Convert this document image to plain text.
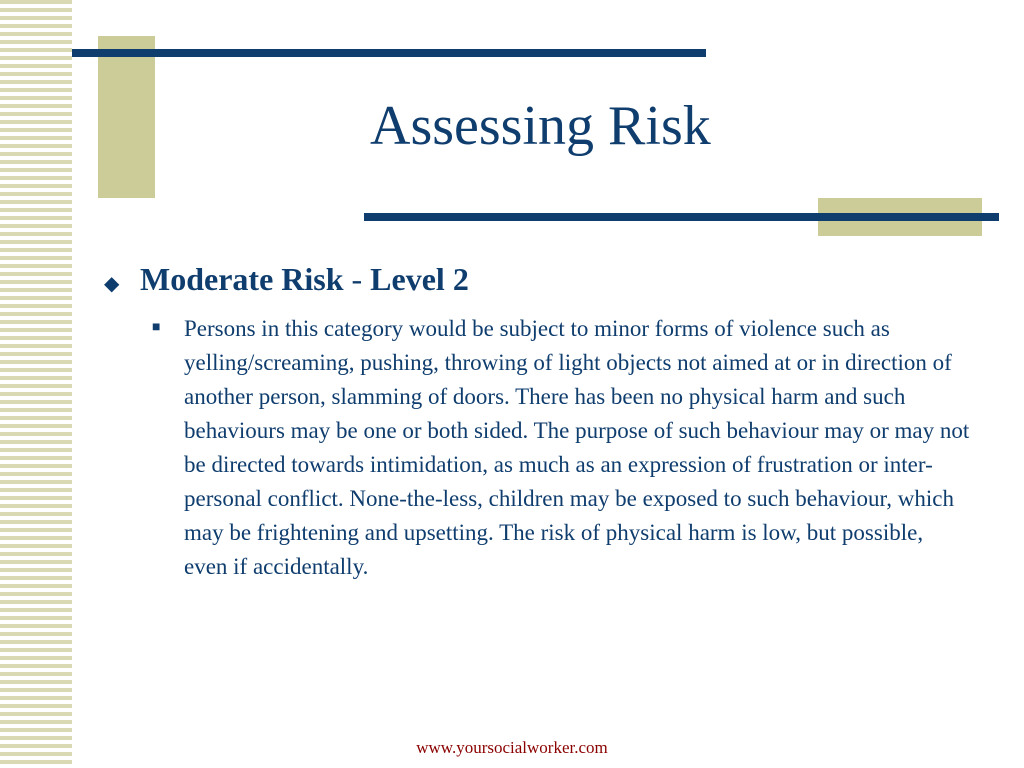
Assessing Risk
◆ Moderate Risk - Level 2
■	Persons in this category would be subject to minor forms of violence such as yelling/screaming, pushing, throwing of light objects not aimed at or in direction of another person, slamming of doors. There has been no physical harm and such behaviours may be one or both sided. The purpose of such behaviour may or may not be directed towards intimidation, as much as an expression of frustration or inter-personal conflict. None-the-less, children may be exposed to such behaviour, which may be frightening and upsetting. The risk of physical harm is low, but possible, even if accidentally.

www.yoursocialworker.com
